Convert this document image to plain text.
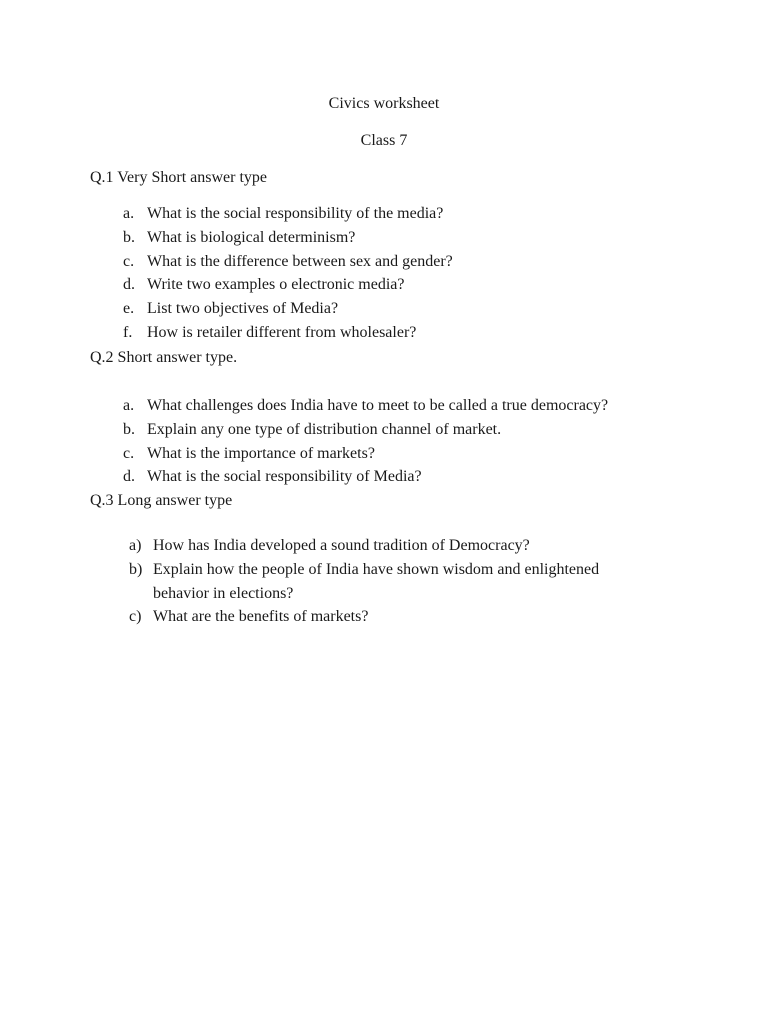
Civics worksheet
Class 7
Q.1 Very Short answer type
a. What is the social responsibility of the media?
b. What is biological determinism?
c. What is the difference between sex and gender?
d. Write two examples o electronic media?
e. List two objectives of Media?
f. How is retailer different from wholesaler?
Q.2 Short answer type.
a. What challenges does India have to meet to be called a true democracy?
b. Explain any one type of distribution channel of market.
c. What is the importance of markets?
d. What is the social responsibility of Media?
Q.3 Long answer type
a) How has India developed a sound tradition of Democracy?
b) Explain how the people of India have shown wisdom and enlightened behavior in elections?
c) What are the benefits of markets?
